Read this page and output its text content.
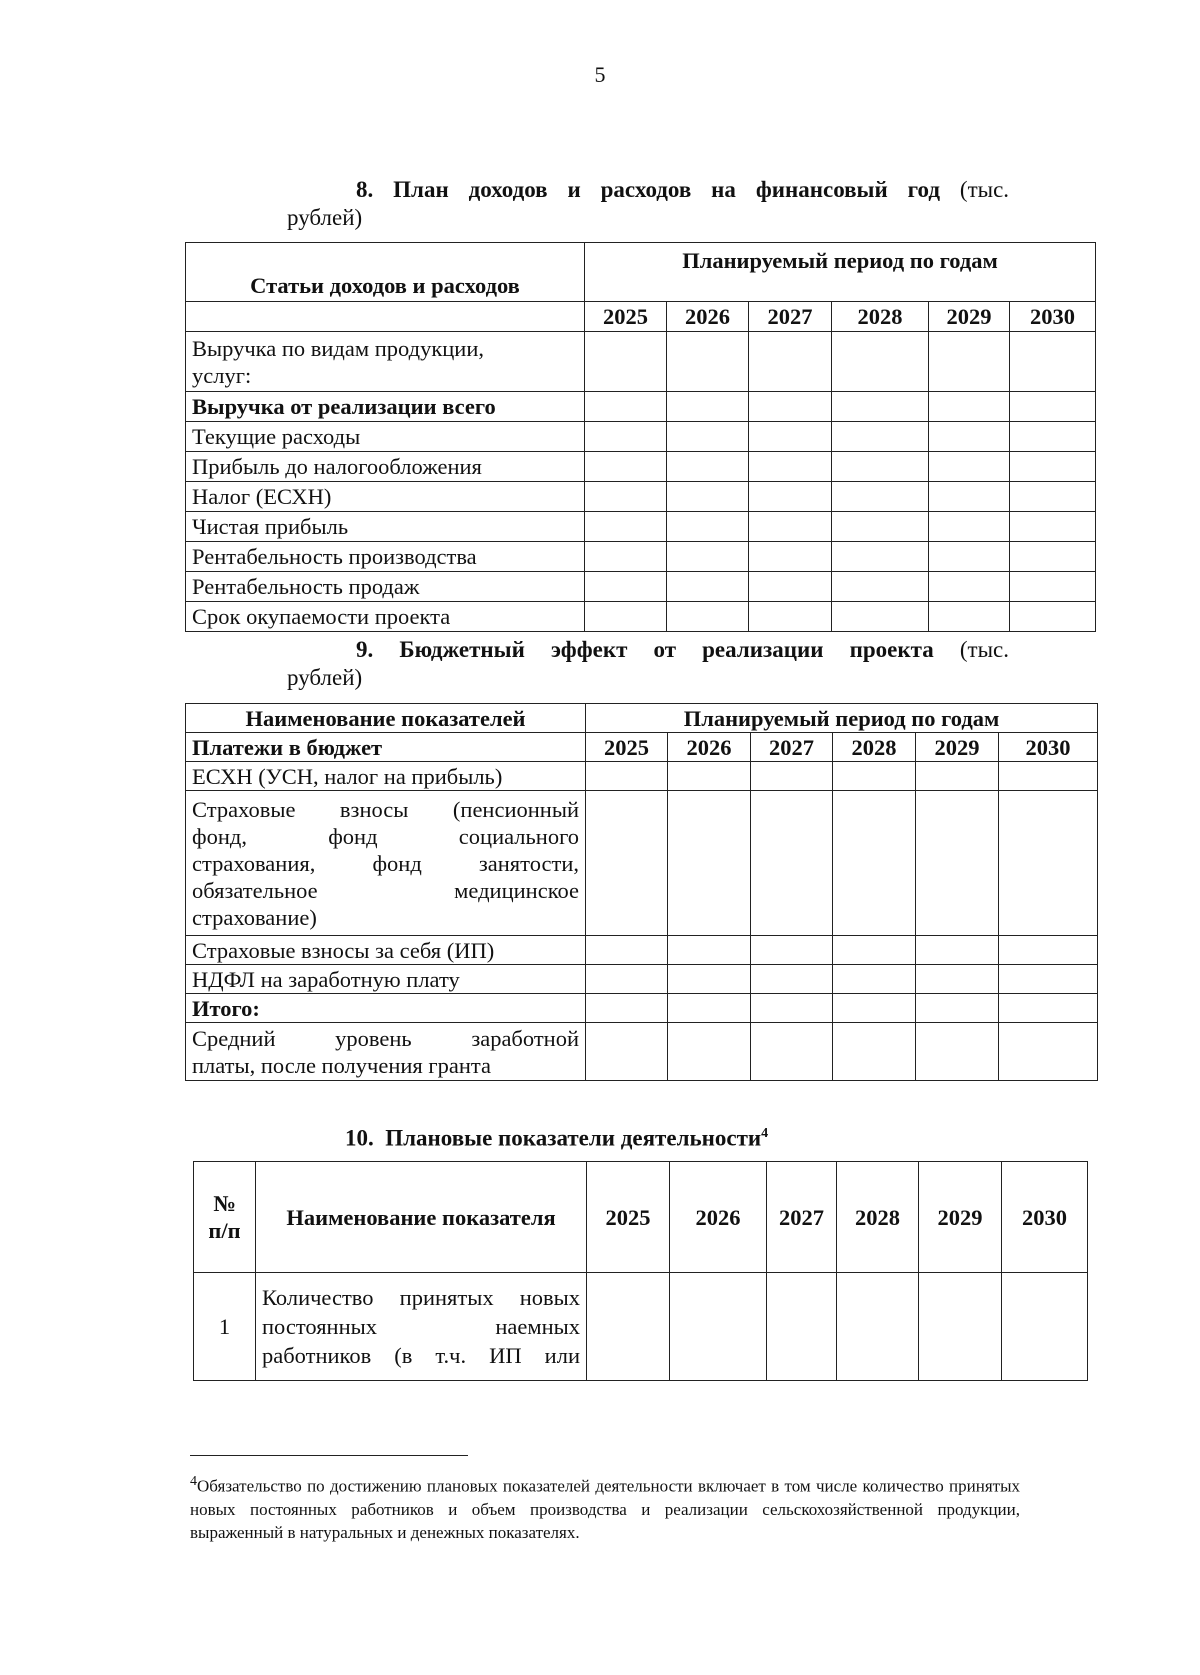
5
8. План доходов и расходов на финансовый год (тыс.
рублей)
Статьи доходов и расходов	Планируемый период по годам					
	2025	2026	2027	2028	2029	2030
Выручка по видам продукции,
услуг:						
Выручка от реализации всего						
Текущие расходы						
Прибыль до налогообложения						
Налог (ЕСХН)						
Чистая прибыль						
Рентабельность производства						
Рентабельность продаж						
Срок окупаемости проекта						
9. Бюджетный эффект от реализации проекта (тыс.
рублей)
Наименование показателей	Планируемый период по годам					
Платежи в бюджет	2025	2026	2027	2028	2029	2030
ЕСХН (УСН, налог на прибыль)						

Страховые взносы (пенсионный
фонд, фонд социального
страхования, фонд занятости,
обязательное медицинское
страхование)						

Страховые взносы за себя (ИП)						
НДФЛ на заработную плату						
Итого:						

Средний уровень заработной
платы, после получения гранта						

10. Плановые показатели деятельности$^4$
№
п/п	Наименование показателя	2025	2026	2027	2028	2029	2030
1	Количество принятых новых
постоянных наемных
работников (в т.ч. ИП или						

$^4$Обязательство по достижению плановых показателей деятельности включает в том числе количество принятых новых постоянных работников и объем производства и реализации сельскохозяйственной продукции, выраженный в натуральных и денежных показателях.
